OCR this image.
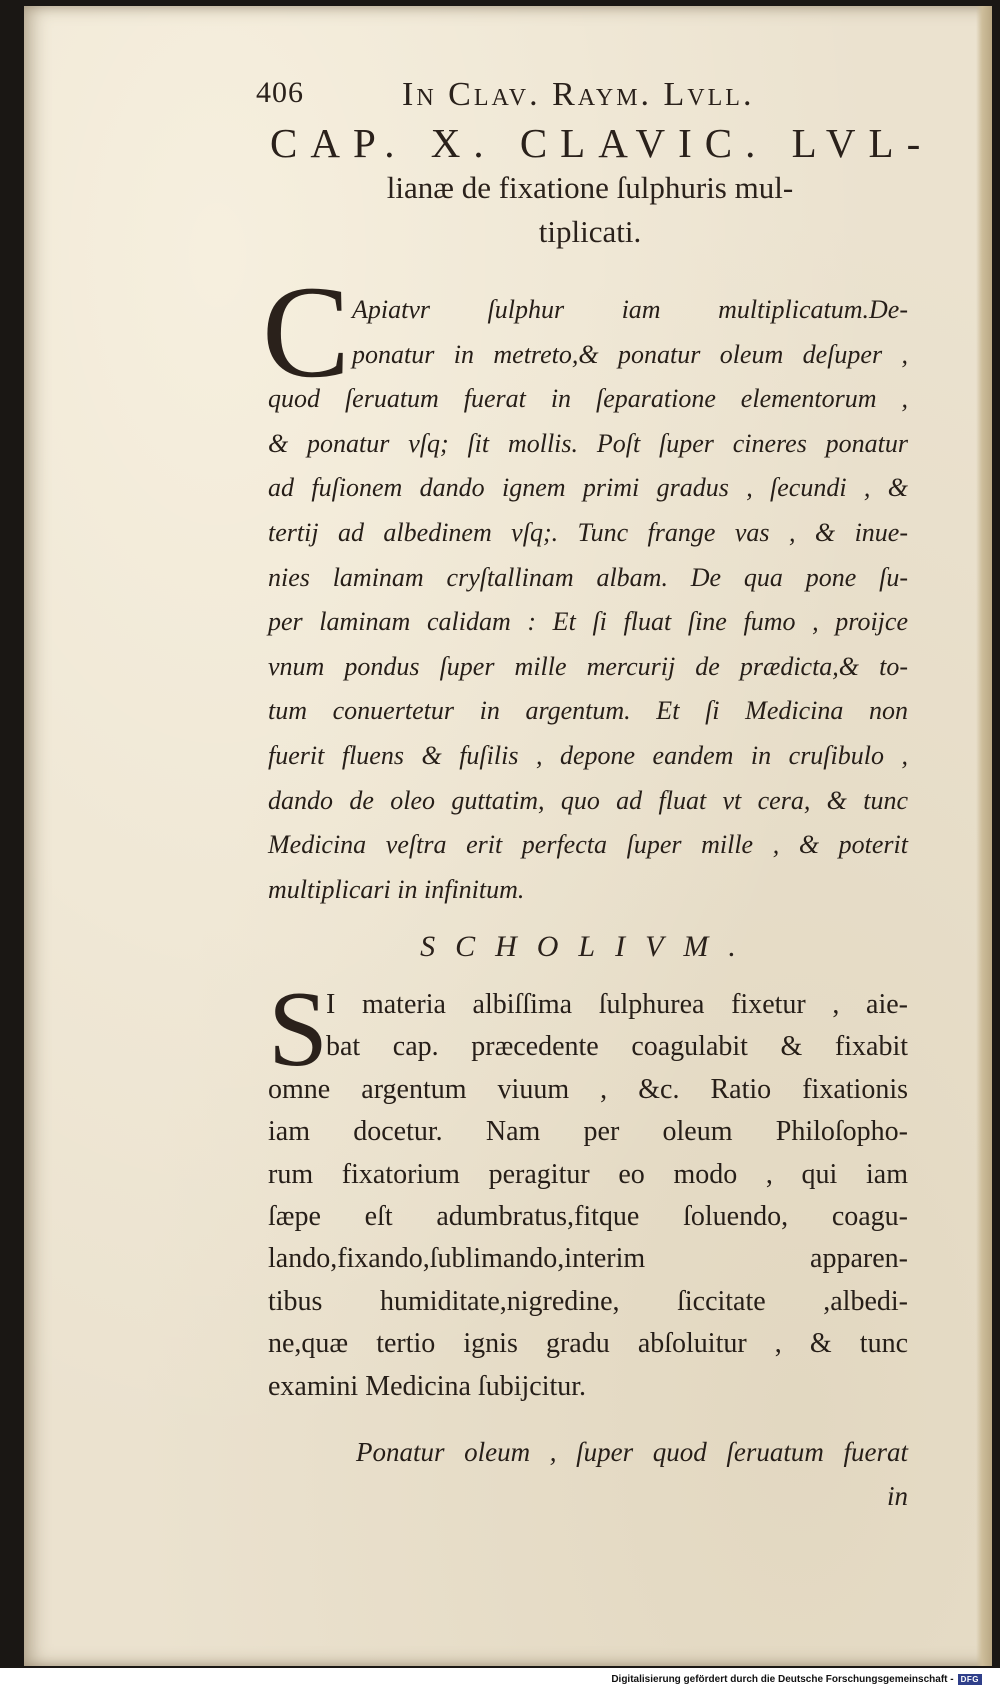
406	In Clav. Raym. Lvll.
CAP. X. CLAVIC. LVL-
lianæ de fixatione ſulphuris mul-
tiplicati.
C Apiatvr ſulphur iam multiplicatum.De-
ponatur in metreto,& ponatur oleum deſuper ,
quod ſeruatum fuerat in ſeparatione elementorum ,
& ponatur vſq; ſit mollis. Poſt ſuper cineres ponatur
ad fuſionem dando ignem primi gradus , ſecundi , &
tertij ad albedinem vſq;. Tunc frange vas , & inue-
nies laminam cryſtallinam albam. De qua pone ſu-
per laminam calidam : Et ſi fluat ſine fumo , proijce
vnum pondus ſuper mille mercurij de prædicta,& to-
tum conuertetur in argentum. Et ſi Medicina non
fuerit fluens & fuſilis , depone eandem in cruſibulo ,
dando de oleo guttatim, quo ad fluat vt cera, & tunc
Medicina veſtra erit perfecta ſuper mille , & poterit
multiplicari in infinitum.
SCHOLIVM.
S
I materia albiſſima ſulphurea fixetur , aie-
bat cap. præcedente coagulabit & fixabit
omne argentum viuum , &c. Ratio fixationis
iam docetur. Nam per oleum Philoſopho-
rum fixatorium peragitur eo modo , qui iam
ſæpe eſt adumbratus,fitque ſoluendo, coagu-
lando,fixando,ſublimando,interim apparen-
tibus humiditate,nigredine, ſiccitate ,albedi-
ne,quæ tertio ignis gradu abſoluitur , & tunc
examini Medicina ſubijcitur.
Ponatur oleum , ſuper quod ſeruatum fuerat
in
Digitalisierung gefördert durch die Deutsche Forschungsgemeinschaft - DFG
